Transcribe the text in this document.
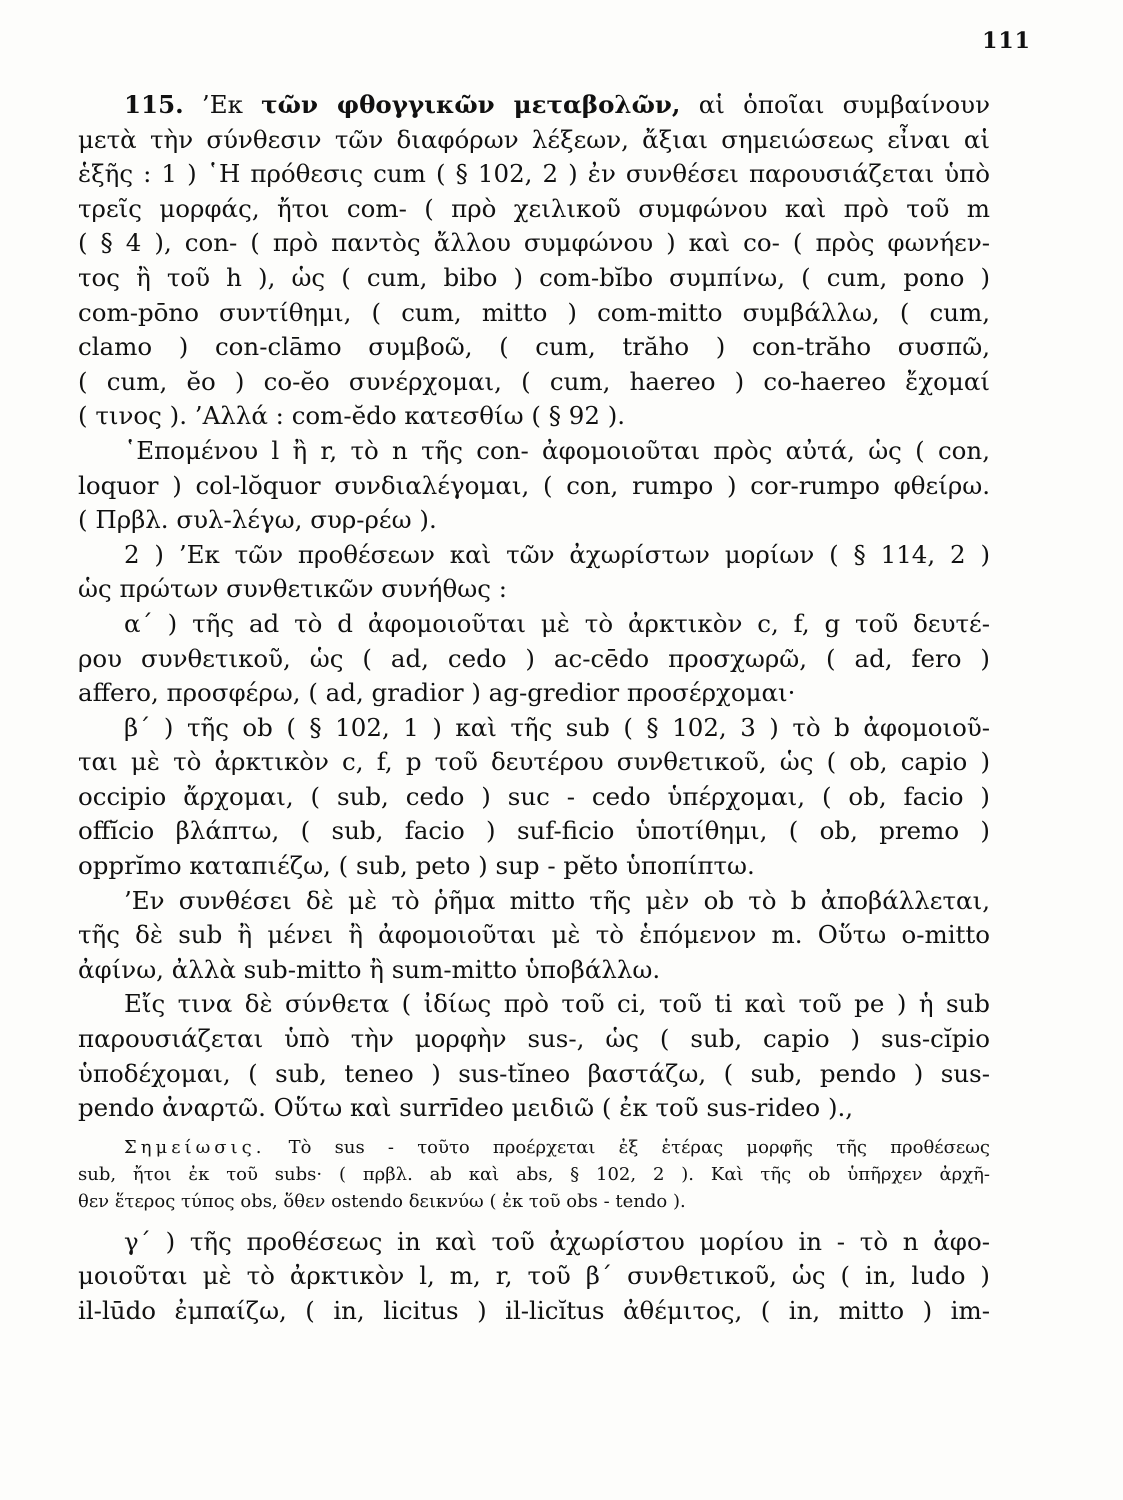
111
115. ’Εκ τῶν φθογγικῶν μεταβολῶν, αἱ ὁποῖαι συμβαίνουν
μετὰ τὴν σύνθεσιν τῶν διαφόρων λέξεων, ἄξιαι σημειώσεως εἶναι αἱ
ἑξῆς : 1 ) ῾Η πρόθεσις cum ( § 102, 2 ) ἐν συνθέσει παρουσιάζεται ὑπὸ
τρεῖς μορφάς, ἤτοι com- ( πρὸ χειλικοῦ συμφώνου καὶ πρὸ τοῦ m
( § 4 ), con- ( πρὸ παντὸς ἄλλου συμφώνου ) καὶ co- ( πρὸς φωνήεν-
τος ἢ τοῦ h ), ὡς ( cum, bibo ) com-bĭbo συμπίνω, ( cum, pono )
com-pōno συντίθημι, ( cum, mitto ) com-mitto συμβάλλω, ( cum,
clamo ) con-clāmo συμβοῶ, ( cum, trăho ) con-trăho συσπῶ,
( cum, ĕo ) co-ĕo συνέρχομαι, ( cum, haereo ) co-haereo ἔχομαί
( τινος ). ’Αλλά : com-ĕdo κατεσθίω ( § 92 ).
῾Επομένου l ἢ r, τὸ n τῆς con- ἀφομοιοῦται πρὸς αὐτά, ὡς ( con,
loquor ) col-lŏquor συνδιαλέγομαι, ( con, rumpo ) cor-rumpo φθείρω.
( Πρβλ. συλ-λέγω, συρ-ρέω ).
2 ) ’Εκ τῶν προθέσεων καὶ τῶν ἀχωρίστων μορίων ( § 114, 2 )
ὡς πρώτων συνθετικῶν συνήθως :
α΄ ) τῆς ad τὸ d ἀφομοιοῦται μὲ τὸ ἀρκτικὸν c, f, g τοῦ δευτέ-
ρου συνθετικοῦ, ὡς ( ad, cedo ) ac-cēdo προσχωρῶ, ( ad, fero )
affero, προσφέρω, ( ad, gradior ) ag-gredior προσέρχομαι·
β΄ ) τῆς ob ( § 102, 1 ) καὶ τῆς sub ( § 102, 3 ) τὸ b ἀφομοιοῦ-
ται μὲ τὸ ἀρκτικὸν c, f, p τοῦ δευτέρου συνθετικοῦ, ὡς ( ob, capio )
occipio ἄρχομαι, ( sub, cedo ) suc - cedo ὑπέρχομαι, ( ob, facio )
offĭcio βλάπτω, ( sub, facio ) suf-ficio ὑποτίθημι, ( ob, premo )
opprĭmo καταπιέζω, ( sub, peto ) sup - pĕto ὑποπίπτω.
’Εν συνθέσει δὲ μὲ τὸ ῥῆμα mitto τῆς μὲν ob τὸ b ἀποβάλλεται,
τῆς δὲ sub ἢ μένει ἢ ἀφομοιοῦται μὲ τὸ ἑπόμενον m. Οὕτω o-mitto
ἀφίνω, ἀλλὰ sub-mitto ἢ sum-mitto ὑποβάλλω.
Εἴς τινα δὲ σύνθετα ( ἰδίως πρὸ τοῦ ci, τοῦ ti καὶ τοῦ pe ) ἡ sub
παρουσιάζεται ὑπὸ τὴν μορφὴν sus-, ὡς ( sub, capio ) sus-cĭpio
ὑποδέχομαι, ( sub, teneo ) sus-tĭneo βαστάζω, ( sub, pendo ) sus-
pendo ἀναρτῶ. Οὕτω καὶ surrīdeo μειδιῶ ( ἐκ τοῦ sus-rideo ).,
Σημείωσις. Τὸ sus - τοῦτο προέρχεται ἐξ ἑτέρας μορφῆς τῆς προθέσεως
sub, ἤτοι ἐκ τοῦ subs· ( πρβλ. ab καὶ abs, § 102, 2 ). Καὶ τῆς ob ὑπῆρχεν ἀρχῆ-
θεν ἕτερος τύπος obs, ὅθεν ostendo δεικνύω ( ἐκ τοῦ obs - tendo ).
γ΄ ) τῆς προθέσεως in καὶ τοῦ ἀχωρίστου μορίου in - τὸ n ἀφο-
μοιοῦται μὲ τὸ ἀρκτικὸν l, m, r, τοῦ β΄ συνθετικοῦ, ὡς ( in, ludo )
il-lūdo ἐμπαίζω, ( in, licitus ) il-licĭtus ἀθέμιτος, ( in, mitto ) im-
